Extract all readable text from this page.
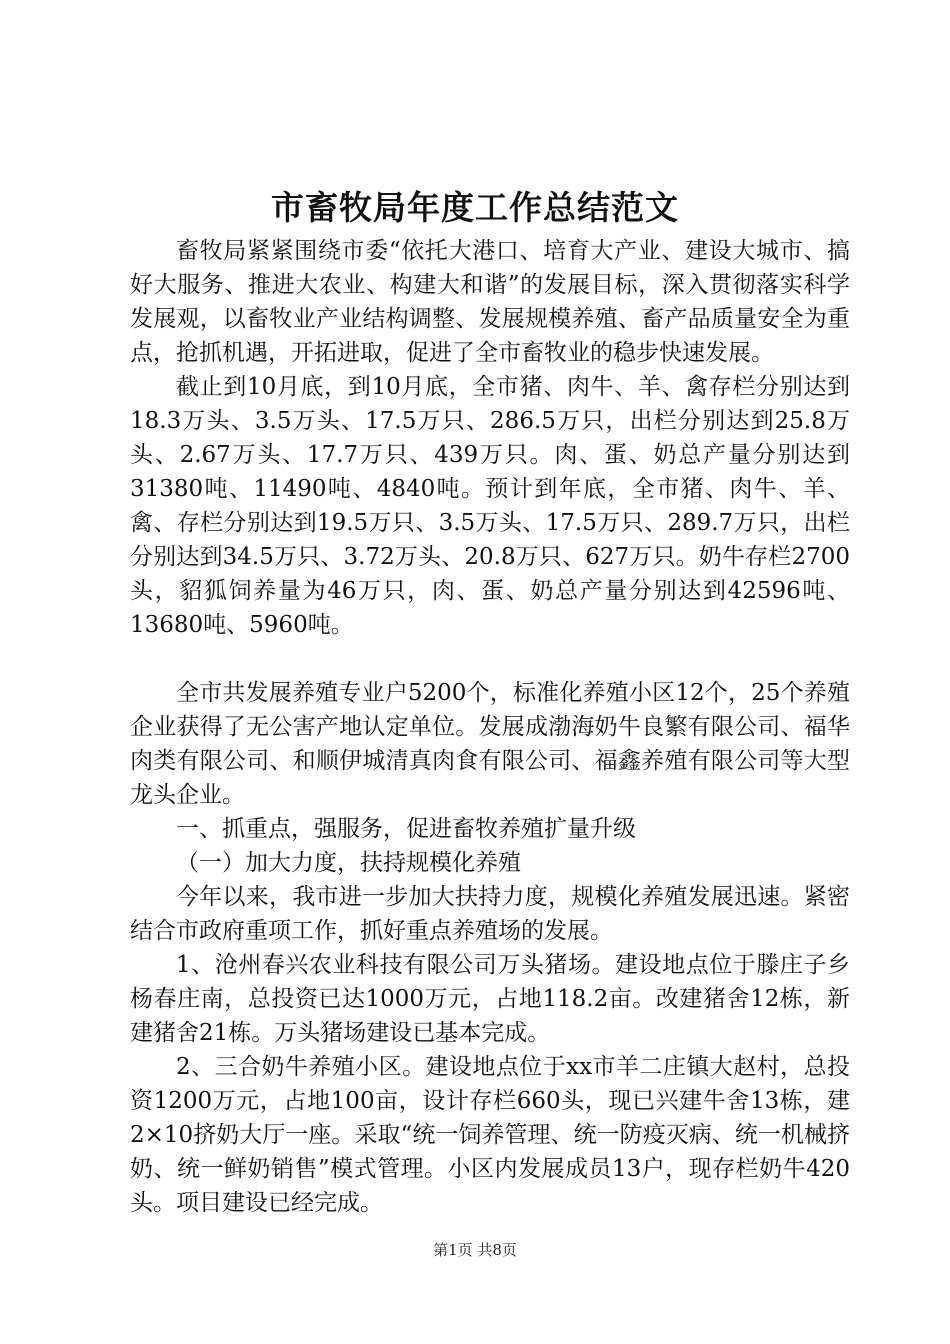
市畜牧局年度工作总结范文

畜牧局紧紧围绕市委“依托大港口、培育大产业、建设大城市、搞好大服务、推进大农业、构建大和谐”的发展目标，深入贯彻落实科学发展观，以畜牧业产业结构调整、发展规模养殖、畜产品质量安全为重点，抢抓机遇，开拓进取，促进了全市畜牧业的稳步快速发展。

截止到10月底，到10月底，全市猪、肉牛、羊、禽存栏分别达到18.3万头、3.5万头、17.5万只、286.5万只，出栏分别达到25.8万头、2.67万头、17.7万只、439万只。肉、蛋、奶总产量分别达到31380吨、11490吨、4840吨。预计到年底，全市猪、肉牛、羊、禽、存栏分别达到19.5万只、3.5万头、17.5万只、289.7万只，出栏分别达到34.5万只、3.72万头、20.8万只、627万只。奶牛存栏2700头，貂狐饲养量为46万只，肉、蛋、奶总产量分别达到42596吨、13680吨、5960吨。

全市共发展养殖专业户5200个，标准化养殖小区12个，25个养殖企业获得了无公害产地认定单位。发展成渤海奶牛良繁有限公司、福华肉类有限公司、和顺伊城清真肉食有限公司、福鑫养殖有限公司等大型龙头企业。

一、抓重点，强服务，促进畜牧养殖扩量升级

（一）加大力度，扶持规模化养殖

今年以来，我市进一步加大扶持力度，规模化养殖发展迅速。紧密结合市政府重项工作，抓好重点养殖场的发展。

1、沧州春兴农业科技有限公司万头猪场。建设地点位于滕庄子乡杨春庄南，总投资已达1000万元，占地118.2亩。改建猪舍12栋，新建猪舍21栋。万头猪场建设已基本完成。

2、三合奶牛养殖小区。建设地点位于xx市羊二庄镇大赵村，总投资1200万元，占地100亩，设计存栏660头，现已兴建牛舍13栋，建2×10挤奶大厅一座。采取“统一饲养管理、统一防疫灭病、统一机械挤奶、统一鲜奶销售”模式管理。小区内发展成员13户，现存栏奶牛420头。项目建设已经完成。

第1页 共8页
